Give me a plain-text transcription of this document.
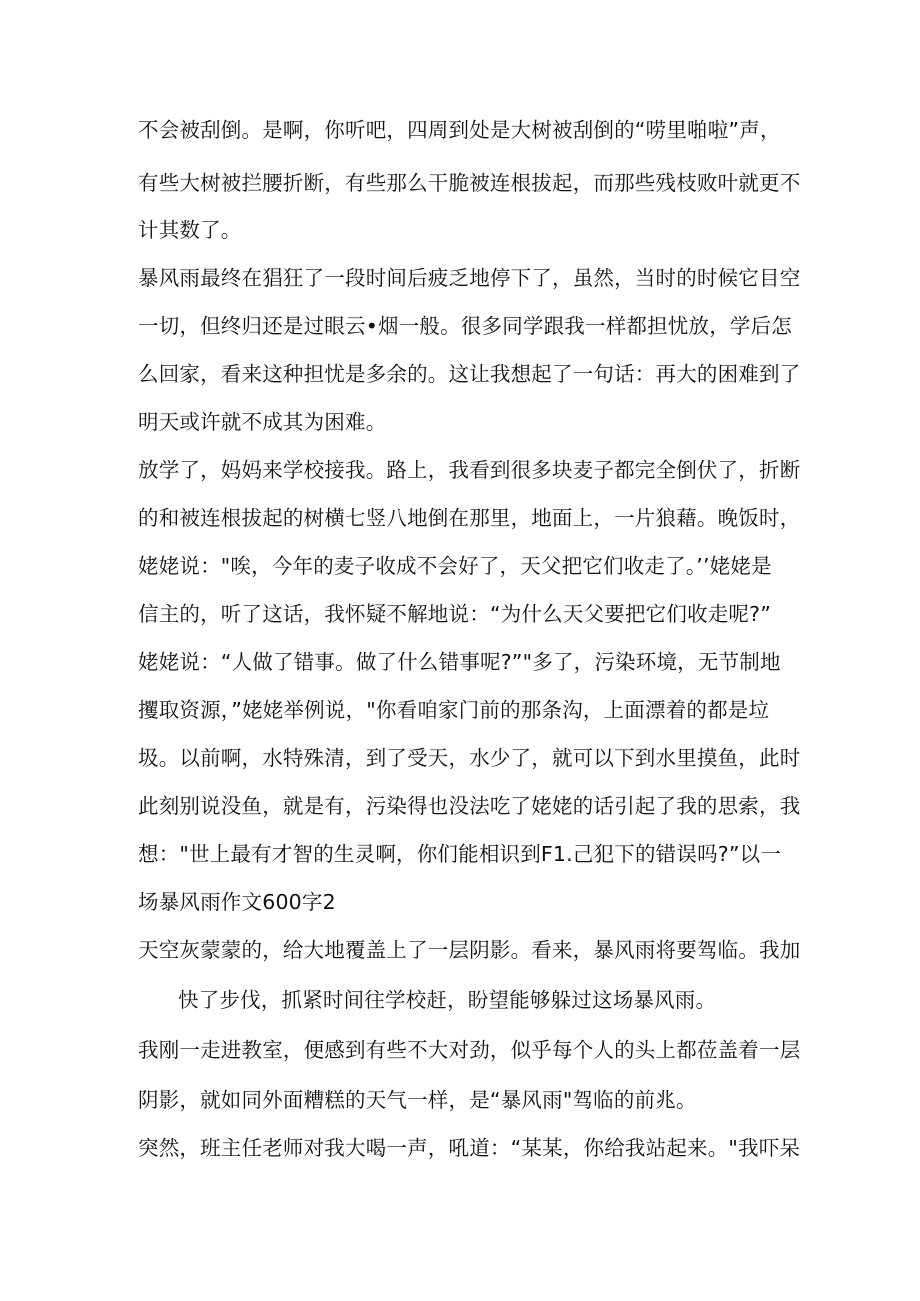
不会被刮倒。是啊，你听吧，四周到处是大树被刮倒的“唠里啪啦”声，
有些大树被拦腰折断，有些那么干脆被连根拔起，而那些残枝败叶就更不
计其数了。
暴风雨最终在猖狂了一段时间后疲乏地停下了，虽然，当时的时候它目空
一切，但终归还是过眼云•烟一般。很多同学跟我一样都担忧放，学后怎
么回家，看来这种担忧是多余的。这让我想起了一句话：再大的困难到了
明天或许就不成其为困难。
放学了，妈妈来学校接我。路上，我看到很多块麦子都完全倒伏了，折断
的和被连根拔起的树横七竖八地倒在那里，地面上，一片狼藉。晚饭时，
姥姥说："唉，今年的麦子收成不会好了，天父把它们收走了。’’姥姥是
信主的，听了这话，我怀疑不解地说：“为什么天父要把它们收走呢?”
姥姥说：“人做了错事。做了什么错事呢?”"多了，污染环境，无节制地
攫取资源，”姥姥举例说，"你看咱家门前的那条沟，上面漂着的都是垃
圾。以前啊，水特殊清，到了受天，水少了，就可以下到水里摸鱼，此时
此刻别说没鱼，就是有，污染得也没法吃了姥姥的话引起了我的思索，我
想："世上最有才智的生灵啊，你们能相识到F1.己犯下的错误吗?”以一
场暴风雨作文600字2
天空灰蒙蒙的，给大地覆盖上了一层阴影。看来，暴风雨将要驾临。我加
快了步伐，抓紧时间往学校赶，盼望能够躲过这场暴风雨。
我刚一走进教室，便感到有些不大对劲，似乎每个人的头上都莅盖着一层
阴影，就如同外面糟糕的天气一样，是“暴风雨"驾临的前兆。
突然，班主任老师对我大喝一声，吼道：“某某，你给我站起来。"我吓呆
